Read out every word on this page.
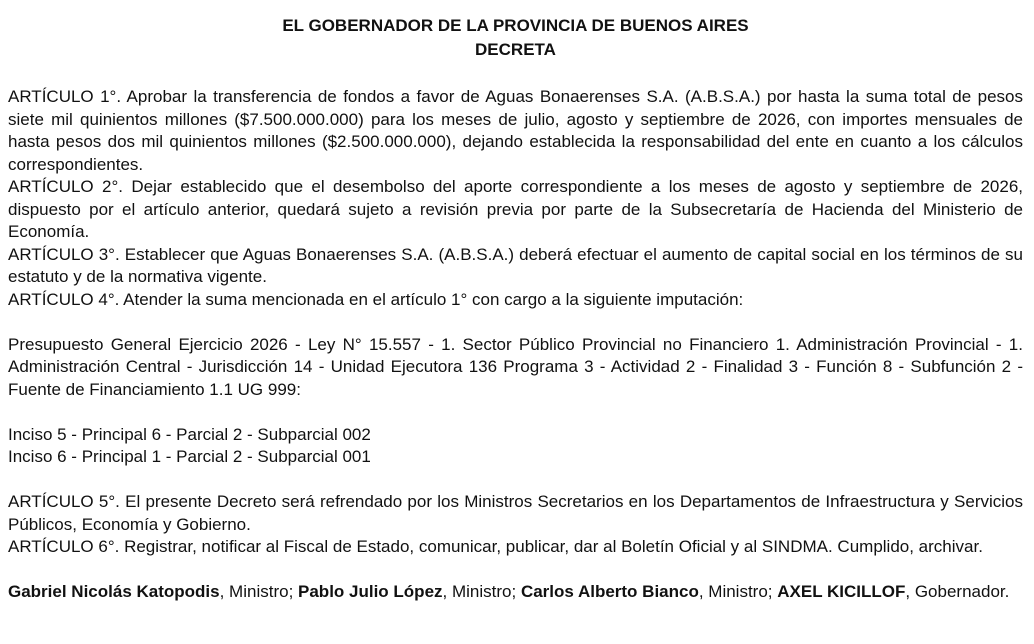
EL GOBERNADOR DE LA PROVINCIA DE BUENOS AIRES

DECRETA

ARTÍCULO 1°. Aprobar la transferencia de fondos a favor de Aguas Bonaerenses S.A. (A.B.S.A.) por hasta la suma total de pesos siete mil quinientos millones ($7.500.000.000) para los meses de julio, agosto y septiembre de 2026, con importes mensuales de hasta pesos dos mil quinientos millones ($2.500.000.000), dejando establecida la responsabilidad del ente en cuanto a los cálculos correspondientes.

ARTÍCULO 2°. Dejar establecido que el desembolso del aporte correspondiente a los meses de agosto y septiembre de 2026, dispuesto por el artículo anterior, quedará sujeto a revisión previa por parte de la Subsecretaría de Hacienda del Ministerio de Economía.

ARTÍCULO 3°. Establecer que Aguas Bonaerenses S.A. (A.B.S.A.) deberá efectuar el aumento de capital social en los términos de su estatuto y de la normativa vigente.

ARTÍCULO 4°. Atender la suma mencionada en el artículo 1° con cargo a la siguiente imputación:

Presupuesto General Ejercicio 2026 - Ley N° 15.557 - 1. Sector Público Provincial no Financiero 1. Administración Provincial - 1. Administración Central - Jurisdicción 14 - Unidad Ejecutora 136 Programa 3 - Actividad 2 - Finalidad 3 - Función 8 - Subfunción 2 - Fuente de Financiamiento 1.1 UG 999:

Inciso 5 - Principal 6 - Parcial 2 - Subparcial 002

Inciso 6 - Principal 1 - Parcial 2 - Subparcial 001

ARTÍCULO 5°. El presente Decreto será refrendado por los Ministros Secretarios en los Departamentos de Infraestructura y Servicios Públicos, Economía y Gobierno.

ARTÍCULO 6°. Registrar, notificar al Fiscal de Estado, comunicar, publicar, dar al Boletín Oficial y al SINDMA. Cumplido, archivar.

Gabriel Nicolás Katopodis, Ministro; Pablo Julio López, Ministro; Carlos Alberto Bianco, Ministro; AXEL KICILLOF, Gobernador.
